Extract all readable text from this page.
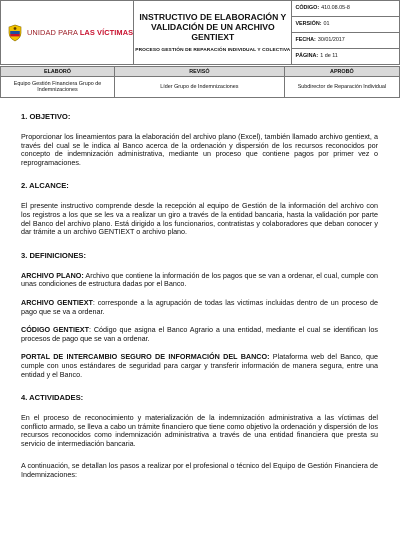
UNIDAD PARA LAS VÍCTIMAS

INSTRUCTIVO DE ELABORACIÓN Y VALIDACIÓN DE UN ARCHIVO GENTIEXT
PROCESO GESTIÓN DE REPARACIÓN INDIVIDUAL Y COLECTIVA

CÓDIGO: 410.08.05-8
VERSIÓN: 01
FECHA: 30/01/2017
PÁGINA: 1 de 11
ELABORÓ	REVISÓ	APROBÓ
Equipo Gestión Financiera Grupo de Indemnizaciones	Líder Grupo de Indemnizaciones	Subdirector de Reparación Individual
1. OBJETIVO:

Proporcionar los lineamientos para la elaboración del archivo plano (Excel), también llamado archivo gentiext, a través del cual se le indica al Banco acerca de la ordenación y dispersión de los recursos reconocidos por concepto de indemnización administrativa, mediante un proceso que contiene pagos por primer vez o reprogramaciones.

2. ALCANCE:

El presente instructivo comprende desde la recepción al equipo de Gestión de la información del archivo con los registros a los que se les va a realizar un giro a través de la entidad bancaria, hasta la validación por parte del Banco del archivo plano. Está dirigido a los funcionarios, contratistas y colaboradores que deban conocer y dar trámite a un archivo GENTIEXT o archivo plano.

3. DEFINICIONES:

ARCHIVO PLANO: Archivo que contiene la información de los pagos que se van a ordenar, el cual, cumple con unas condiciones de estructura dadas por el Banco.

ARCHIVO GENTIEXT: corresponde a la agrupación de todas las victimas incluidas dentro de un proceso de pago que se va a ordenar.

CÓDIGO GENTIEXT: Código que asigna el Banco Agrario a una entidad, mediante el cual se identifican los procesos de pago que se van a ordenar.

PORTAL DE INTERCAMBIO SEGURO DE INFORMACIÓN DEL BANCO: Plataforma web del Banco, que cumple con unos estándares de seguridad para cargar y transferir información de manera segura, entre una entidad y el Banco.

4. ACTIVIDADES:

En el proceso de reconocimiento y materialización de la indemnización administrativa a las víctimas del conflicto armado, se lleva a cabo un trámite financiero que tiene como objetivo la ordenación y dispersión de los recursos reconocidos como indemnización administrativa a través de una entidad financiera que presta su servicio de intermediación bancaria.

A continuación, se detallan los pasos a realizar por el profesional o técnico del Equipo de Gestión Financiera de Indemnizaciones:
